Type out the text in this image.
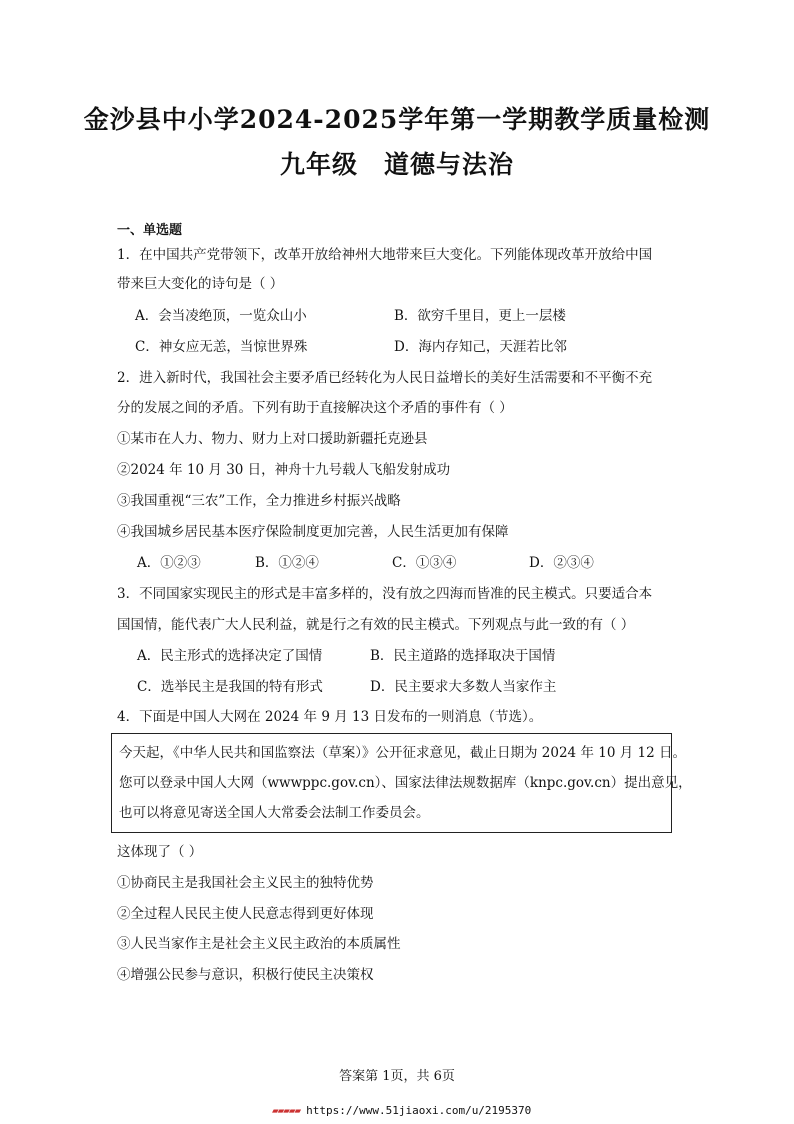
金沙县中小学2024-2025学年第一学期教学质量检测
九年级 道德与法治
一、单选题
1．在中国共产党带领下，改革开放给神州大地带来巨大变化。下列能体现改革开放给中国
带来巨大变化的诗句是（ ）
A．会当凌绝顶，一览众山小	B．欲穷千里目，更上一层楼
C．神女应无恙，当惊世界殊	D．海内存知己，天涯若比邻
2．进入新时代，我国社会主要矛盾已经转化为人民日益增长的美好生活需要和不平衡不充
分的发展之间的矛盾。下列有助于直接解决这个矛盾的事件有（ ）
①某市在人力、物力、财力上对口援助新疆托克逊县
②2024 年 10 月 30 日，神舟十九号载人飞船发射成功
③我国重视“三农”工作，全力推进乡村振兴战略
④我国城乡居民基本医疗保险制度更加完善，人民生活更加有保障
A．①②③	B．①②④	C．①③④	D．②③④
3．不同国家实现民主的形式是丰富多样的，没有放之四海而皆准的民主模式。只要适合本
国国情，能代表广大人民利益，就是行之有效的民主模式。下列观点与此一致的有（ ）
A．民主形式的选择决定了国情	B．民主道路的选择取决于国情
C．选举民主是我国的特有形式	D．民主要求大多数人当家作主
4．下面是中国人大网在 2024 年 9 月 13 日发布的一则消息（节选）。
今天起，《中华人民共和国监察法（草案）》公开征求意见，截止日期为 2024 年 10 月 12 日。
您可以登录中国人大网（wwwppc.gov.cn）、国家法律法规数据库（knpc.gov.cn）提出意见，
也可以将意见寄送全国人大常委会法制工作委员会。
这体现了（ ）
①协商民主是我国社会主义民主的独特优势
②全过程人民民主使人民意志得到更好体现
③人民当家作主是社会主义民主政治的本质属性
④增强公民参与意识，积极行使民主决策权
答案第 1页，共 6页
▰▰▰▰▰ https://www.51jiaoxi.com/u/2195370
